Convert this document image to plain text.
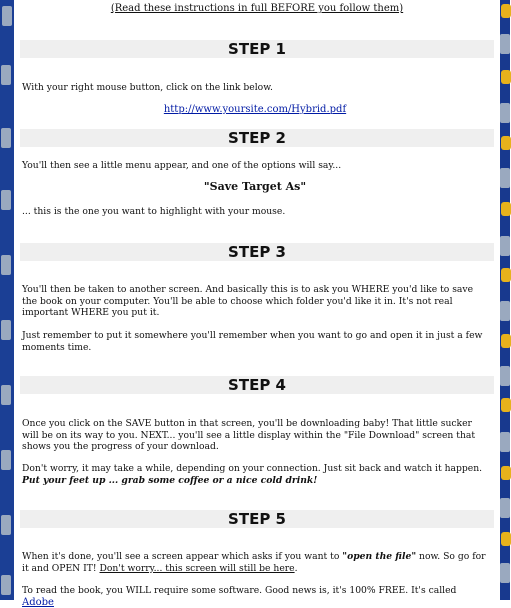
(Read these instructions in full BEFORE you follow them)
STEP 1
With your right mouse button, click on the link below.
http://www.yoursite.com/Hybrid.pdf
STEP 2
You'll then see a little menu appear, and one of the options will say...
"Save Target As"
... this is the one you want to highlight with your mouse.
STEP 3
You'll then be taken to another screen. And basically this is to ask you WHERE you'd like to save the book on your computer. You'll be able to choose which folder you'd like it in. It's not real important WHERE you put it.
Just remember to put it somewhere you'll remember when you want to go and open it in just a few moments time.
STEP 4
Once you click on the SAVE button in that screen, you'll be downloading baby! That little sucker will be on its way to you. NEXT... you'll see a little display within the "File Download" screen that shows you the progress of your download.
Don't worry, it may take a while, depending on your connection. Just sit back and watch it happen. Put your feet up ... grab some coffee or a nice cold drink!
STEP 5
When it's done, you'll see a screen appear which asks if you want to "open the file" now. So go for it and OPEN IT! Don't worry... this screen will still be here.
To read the book, you WILL require some software. Good news is, it's 100% FREE. It's called Adobe
